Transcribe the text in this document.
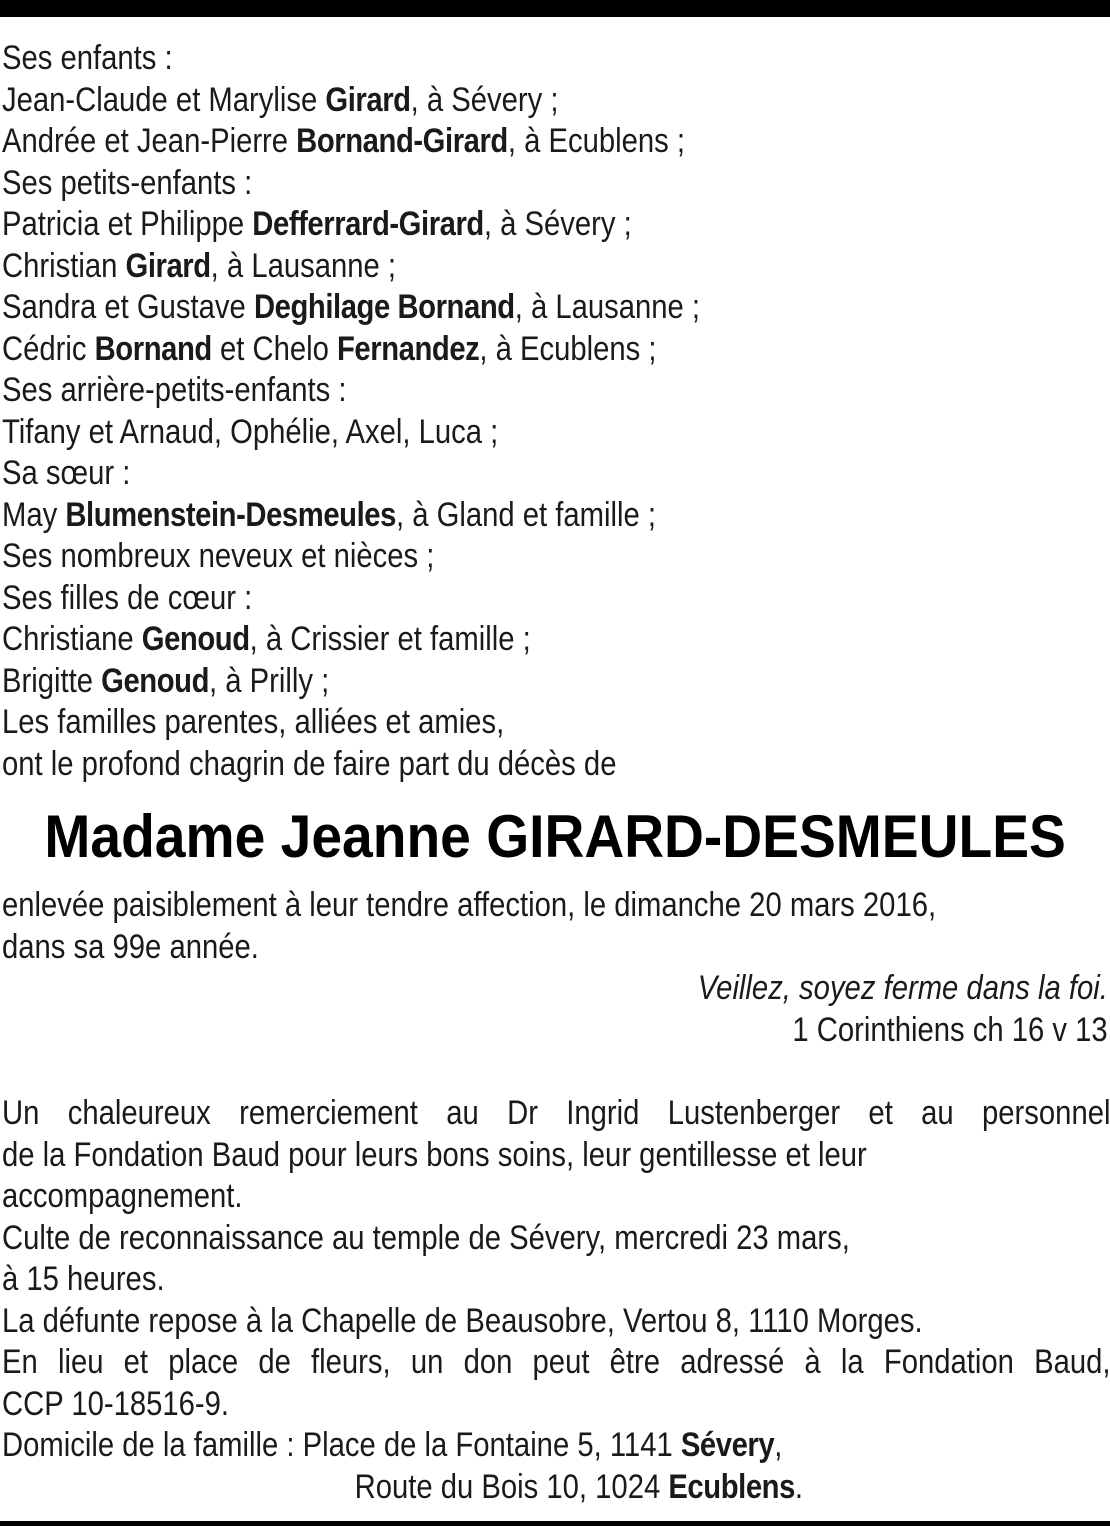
Ses enfants :
Jean-Claude et Marylise Girard, à Sévery ;
Andrée et Jean-Pierre Bornand-Girard, à Ecublens ;
Ses petits-enfants :
Patricia et Philippe Defferrard-Girard, à Sévery ;
Christian Girard, à Lausanne ;
Sandra et Gustave Deghilage Bornand, à Lausanne ;
Cédric Bornand et Chelo Fernandez, à Ecublens ;
Ses arrière-petits-enfants :
Tifany et Arnaud, Ophélie, Axel, Luca ;
Sa sœur :
May Blumenstein-Desmeules, à Gland et famille ;
Ses nombreux neveux et nièces ;
Ses filles de cœur :
Christiane Genoud, à Crissier et famille ;
Brigitte Genoud, à Prilly ;
Les familles parentes, alliées et amies,
ont le profond chagrin de faire part du décès de
Madame Jeanne GIRARD-DESMEULES
enlevée paisiblement à leur tendre affection, le dimanche 20 mars 2016,
dans sa 99e année.
Veillez, soyez ferme dans la foi.
1 Corinthiens ch 16 v 13
Un chaleureux remerciement au Dr Ingrid Lustenberger et au personnel
de la Fondation Baud pour leurs bons soins, leur gentillesse et leur
accompagnement.
Culte de reconnaissance au temple de Sévery, mercredi 23 mars,
à 15 heures.
La défunte repose à la Chapelle de Beausobre, Vertou 8, 1110 Morges.
En lieu et place de fleurs, un don peut être adressé à la Fondation Baud,
CCP 10-18516-9.
Domicile de la famille : Place de la Fontaine 5, 1141 Sévery,
Route du Bois 10, 1024 Ecublens.
